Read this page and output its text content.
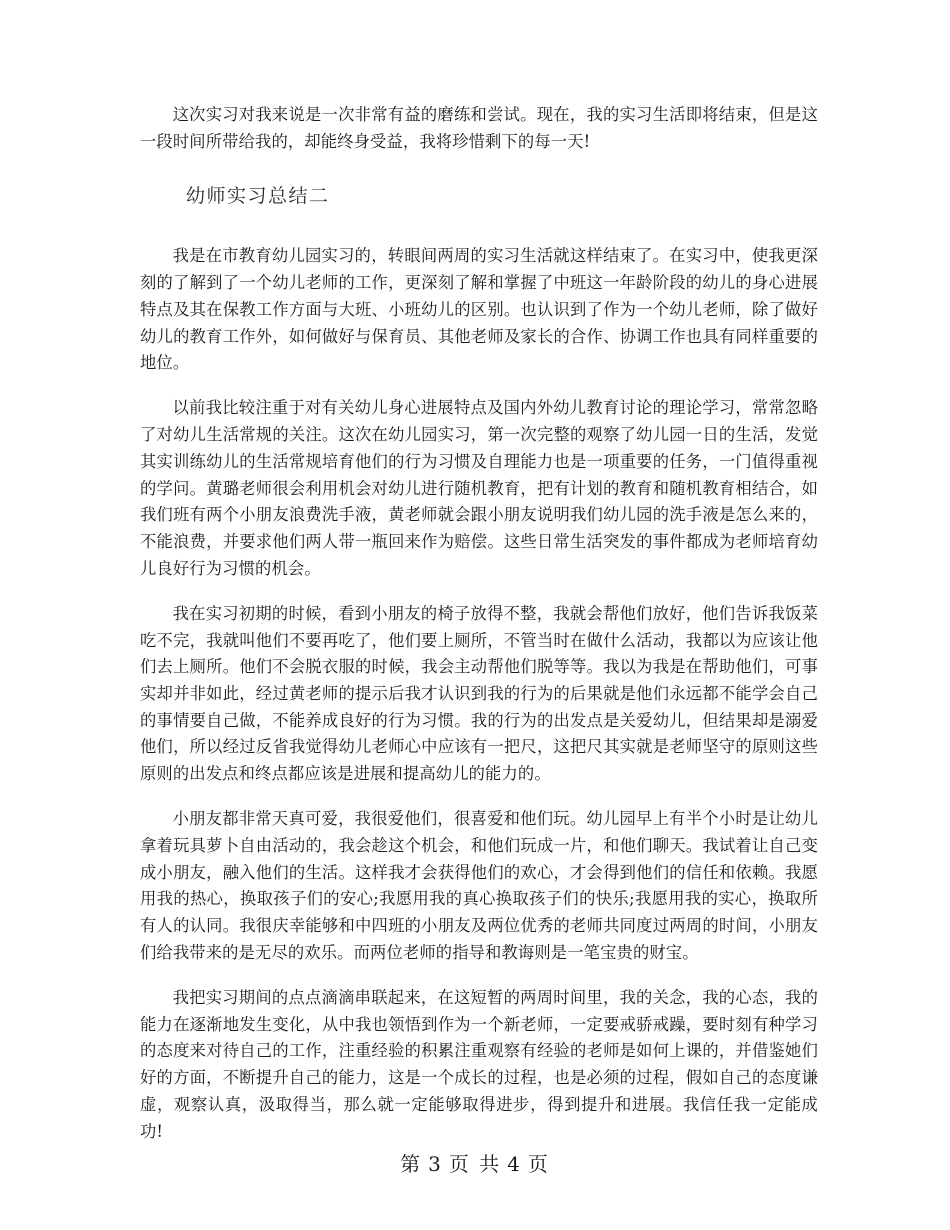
这次实习对我来说是一次非常有益的磨练和尝试。现在，我的实习生活即将结束，但是这一段时间所带给我的，却能终身受益，我将珍惜剩下的每一天!

幼师实习总结二

我是在市教育幼儿园实习的，转眼间两周的实习生活就这样结束了。在实习中，使我更深刻的了解到了一个幼儿老师的工作，更深刻了解和掌握了中班这一年龄阶段的幼儿的身心进展特点及其在保教工作方面与大班、小班幼儿的区别。也认识到了作为一个幼儿老师，除了做好幼儿的教育工作外，如何做好与保育员、其他老师及家长的合作、协调工作也具有同样重要的地位。

以前我比较注重于对有关幼儿身心进展特点及国内外幼儿教育讨论的理论学习，常常忽略了对幼儿生活常规的关注。这次在幼儿园实习，第一次完整的观察了幼儿园一日的生活，发觉其实训练幼儿的生活常规培育他们的行为习惯及自理能力也是一项重要的任务，一门值得重视的学问。黄璐老师很会利用机会对幼儿进行随机教育，把有计划的教育和随机教育相结合，如我们班有两个小朋友浪费洗手液，黄老师就会跟小朋友说明我们幼儿园的洗手液是怎么来的，不能浪费，并要求他们两人带一瓶回来作为赔偿。这些日常生活突发的事件都成为老师培育幼儿良好行为习惯的机会。

我在实习初期的时候，看到小朋友的椅子放得不整，我就会帮他们放好，他们告诉我饭菜吃不完，我就叫他们不要再吃了，他们要上厕所，不管当时在做什么活动，我都以为应该让他们去上厕所。他们不会脱衣服的时候，我会主动帮他们脱等等。我以为我是在帮助他们，可事实却并非如此，经过黄老师的提示后我才认识到我的行为的后果就是他们永远都不能学会自己的事情要自己做，不能养成良好的行为习惯。我的行为的出发点是关爱幼儿，但结果却是溺爱他们，所以经过反省我觉得幼儿老师心中应该有一把尺，这把尺其实就是老师坚守的原则这些原则的出发点和终点都应该是进展和提高幼儿的能力的。

小朋友都非常天真可爱，我很爱他们，很喜爱和他们玩。幼儿园早上有半个小时是让幼儿拿着玩具萝卜自由活动的，我会趁这个机会，和他们玩成一片，和他们聊天。我试着让自己变成小朋友，融入他们的生活。这样我才会获得他们的欢心，才会得到他们的信任和依赖。我愿用我的热心，换取孩子们的安心;我愿用我的真心换取孩子们的快乐;我愿用我的实心，换取所有人的认同。我很庆幸能够和中四班的小朋友及两位优秀的老师共同度过两周的时间，小朋友们给我带来的是无尽的欢乐。而两位老师的指导和教诲则是一笔宝贵的财宝。

我把实习期间的点点滴滴串联起来，在这短暂的两周时间里，我的关念，我的心态，我的能力在逐渐地发生变化，从中我也领悟到作为一个新老师，一定要戒骄戒躁，要时刻有种学习的态度来对待自己的工作，注重经验的积累注重观察有经验的老师是如何上课的，并借鉴她们好的方面，不断提升自己的能力，这是一个成长的过程，也是必须的过程，假如自己的态度谦虚，观察认真，汲取得当，那么就一定能够取得进步，得到提升和进展。我信任我一定能成功!

第 3 页 共 4 页
